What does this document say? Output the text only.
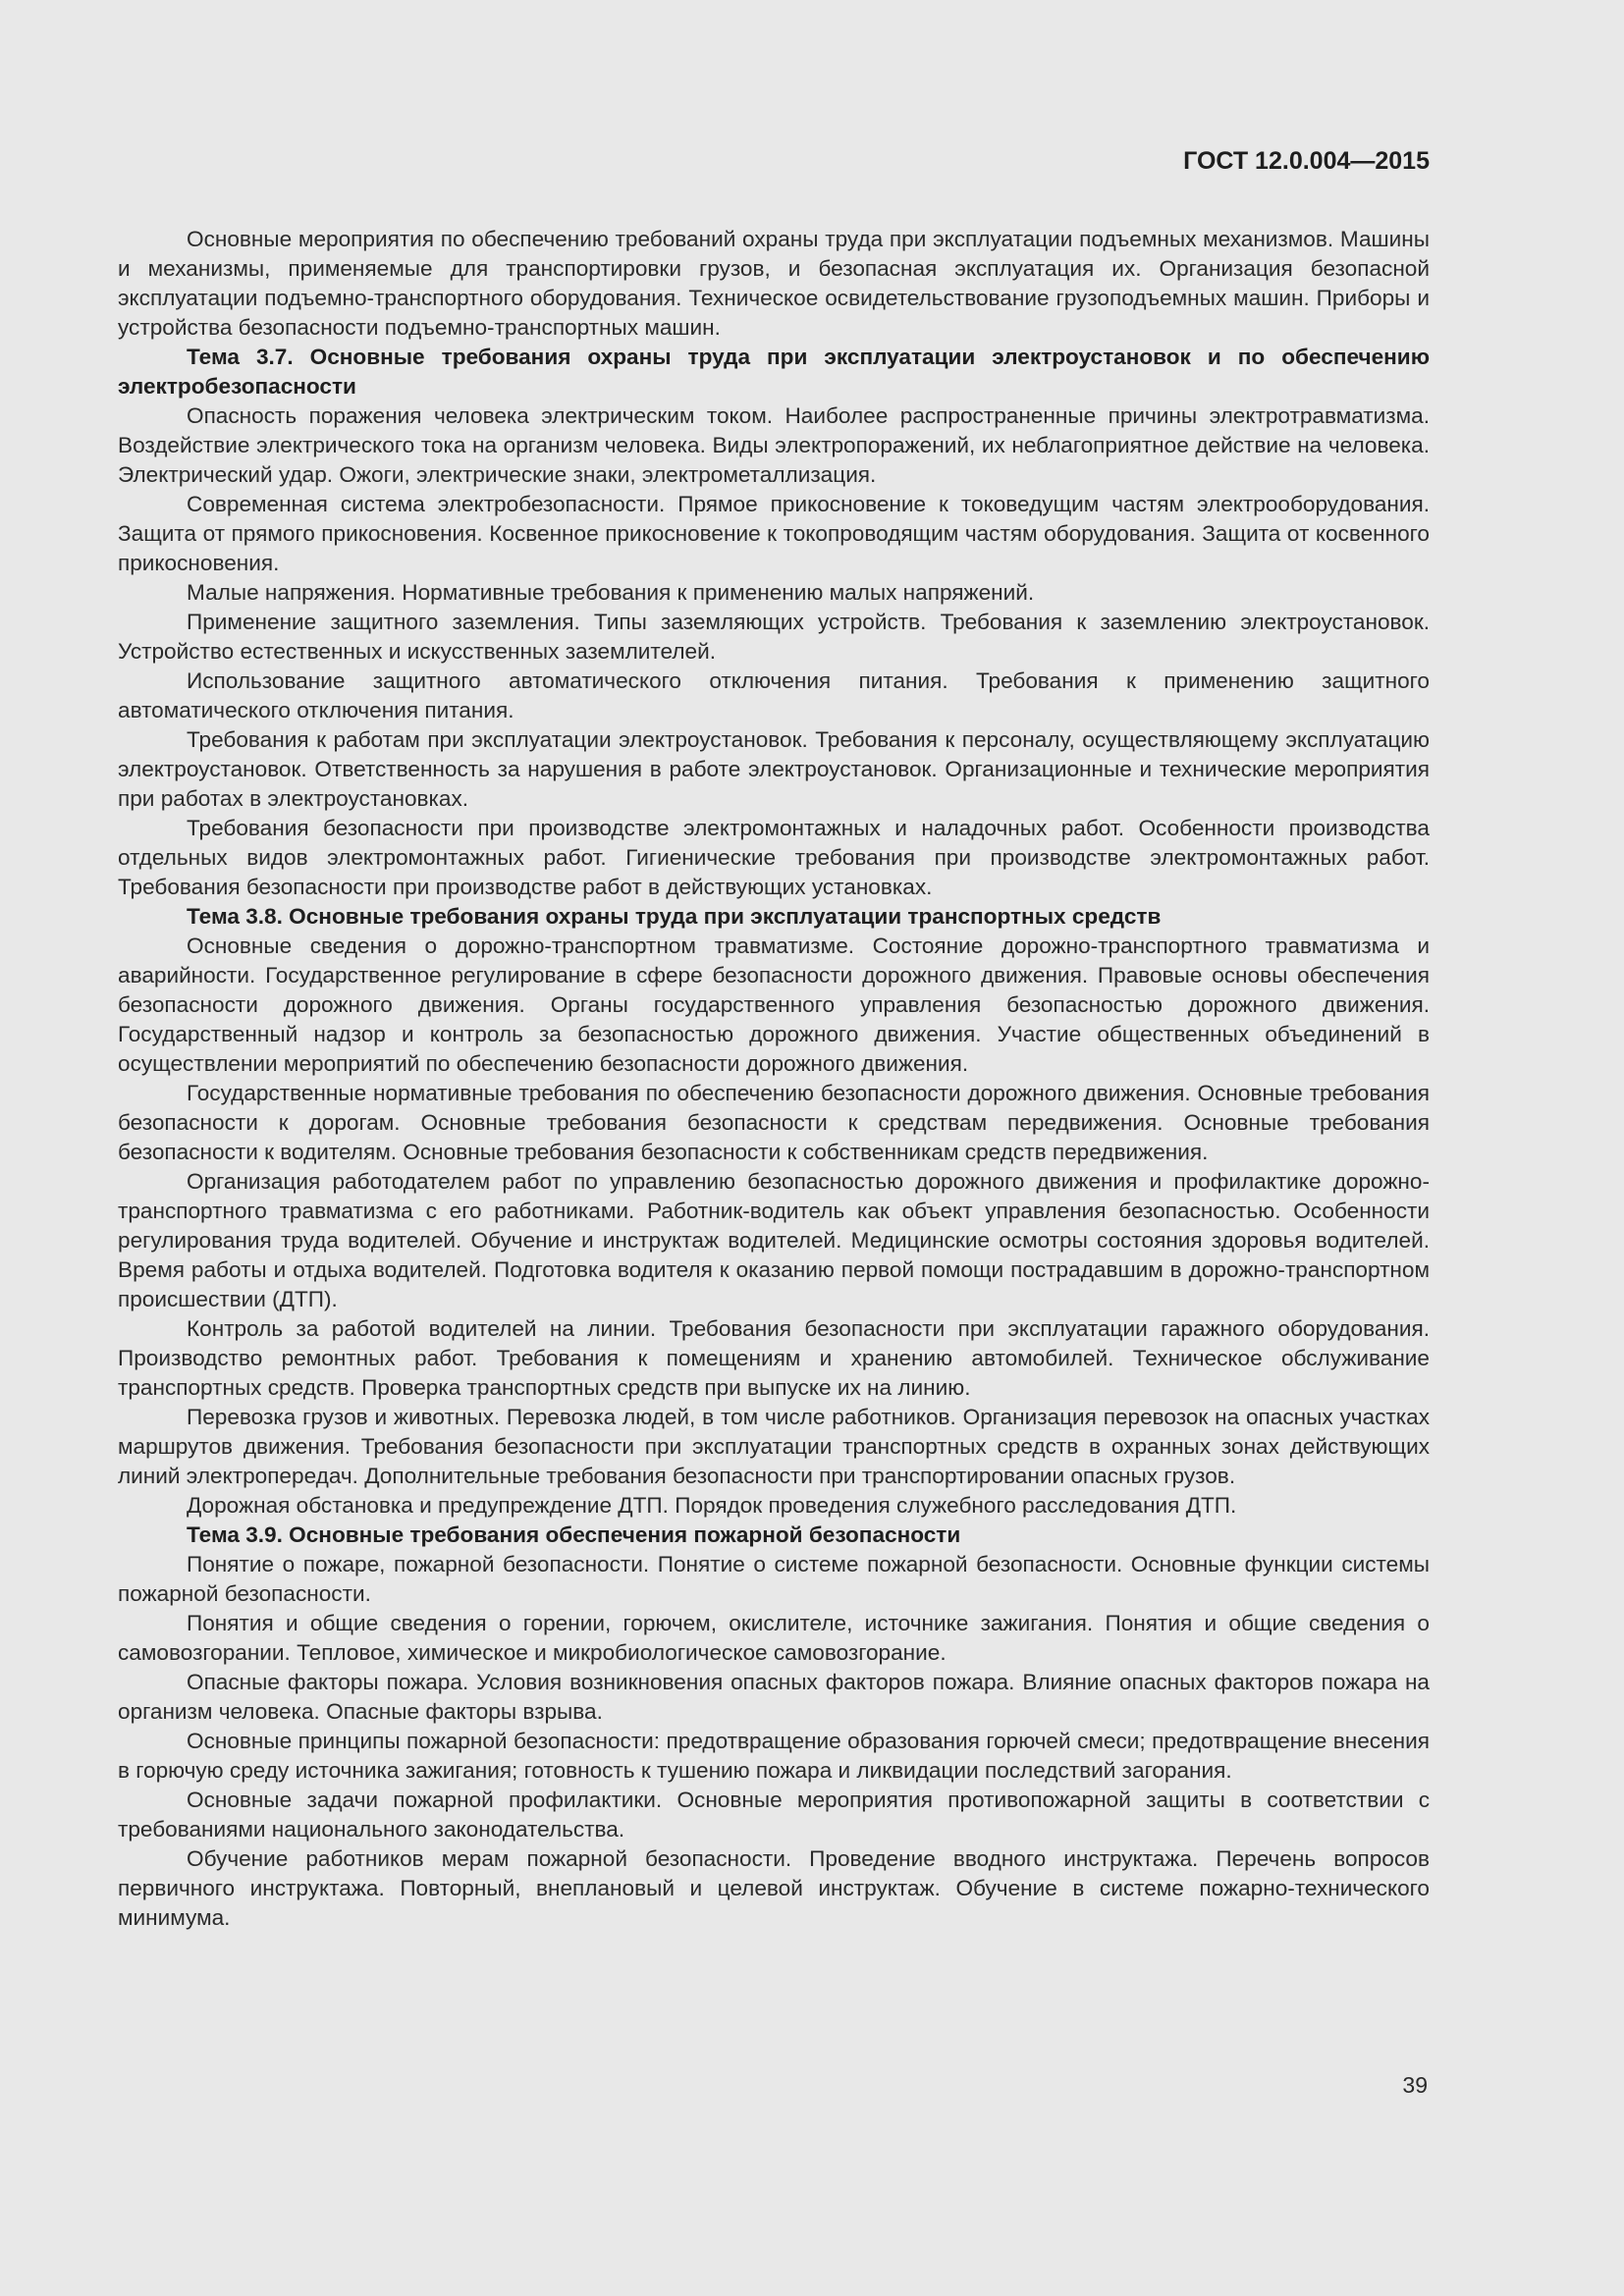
ГОСТ 12.0.004—2015

Основные мероприятия по обеспечению требований охраны труда при эксплуатации подъемных механизмов. Машины и механизмы, применяемые для транспортировки грузов, и безопасная эксплуатация их. Организация безопасной эксплуатации подъемно-транспортного оборудования. Техническое освидетельствование грузоподъемных машин. Приборы и устройства безопасности подъемно-транспортных машин.

Тема 3.7. Основные требования охраны труда при эксплуатации электроустановок и по обеспечению электробезопасности

Опасность поражения человека электрическим током. Наиболее распространенные причины электротравматизма. Воздействие электрического тока на организм человека. Виды электропоражений, их неблагоприятное действие на человека. Электрический удар. Ожоги, электрические знаки, электрометаллизация.

Современная система электробезопасности. Прямое прикосновение к токоведущим частям электрооборудования. Защита от прямого прикосновения. Косвенное прикосновение к токопроводящим частям оборудования. Защита от косвенного прикосновения.

Малые напряжения. Нормативные требования к применению малых напряжений.

Применение защитного заземления. Типы заземляющих устройств. Требования к заземлению электроустановок. Устройство естественных и искусственных заземлителей.

Использование защитного автоматического отключения питания. Требования к применению защитного автоматического отключения питания.

Требования к работам при эксплуатации электроустановок. Требования к персоналу, осуществляющему эксплуатацию электроустановок. Ответственность за нарушения в работе электроустановок. Организационные и технические мероприятия при работах в электроустановках.

Требования безопасности при производстве электромонтажных и наладочных работ. Особенности производства отдельных видов электромонтажных работ. Гигиенические требования при производстве электромонтажных работ. Требования безопасности при производстве работ в действующих установках.

Тема 3.8. Основные требования охраны труда при эксплуатации транспортных средств

Основные сведения о дорожно-транспортном травматизме. Состояние дорожно-транспортного травматизма и аварийности. Государственное регулирование в сфере безопасности дорожного движения. Правовые основы обеспечения безопасности дорожного движения. Органы государственного управления безопасностью дорожного движения. Государственный надзор и контроль за безопасностью дорожного движения. Участие общественных объединений в осуществлении мероприятий по обеспечению безопасности дорожного движения.

Государственные нормативные требования по обеспечению безопасности дорожного движения. Основные требования безопасности к дорогам. Основные требования безопасности к средствам передвижения. Основные требования безопасности к водителям. Основные требования безопасности к собственникам средств передвижения.

Организация работодателем работ по управлению безопасностью дорожного движения и профилактике дорожно-транспортного травматизма с его работниками. Работник-водитель как объект управления безопасностью. Особенности регулирования труда водителей. Обучение и инструктаж водителей. Медицинские осмотры состояния здоровья водителей. Время работы и отдыха водителей. Подготовка водителя к оказанию первой помощи пострадавшим в дорожно-транспортном происшествии (ДТП).

Контроль за работой водителей на линии. Требования безопасности при эксплуатации гаражного оборудования. Производство ремонтных работ. Требования к помещениям и хранению автомобилей. Техническое обслуживание транспортных средств. Проверка транспортных средств при выпуске их на линию.

Перевозка грузов и животных. Перевозка людей, в том числе работников. Организация перевозок на опасных участках маршрутов движения. Требования безопасности при эксплуатации транспортных средств в охранных зонах действующих линий электропередач. Дополнительные требования безопасности при транспортировании опасных грузов.

Дорожная обстановка и предупреждение ДТП. Порядок проведения служебного расследования ДТП.

Тема 3.9. Основные требования обеспечения пожарной безопасности

Понятие о пожаре, пожарной безопасности. Понятие о системе пожарной безопасности. Основные функции системы пожарной безопасности.

Понятия и общие сведения о горении, горючем, окислителе, источнике зажигания. Понятия и общие сведения о самовозгорании. Тепловое, химическое и микробиологическое самовозгорание.

Опасные факторы пожара. Условия возникновения опасных факторов пожара. Влияние опасных факторов пожара на организм человека. Опасные факторы взрыва.

Основные принципы пожарной безопасности: предотвращение образования горючей смеси; предотвращение внесения в горючую среду источника зажигания; готовность к тушению пожара и ликвидации последствий загорания.

Основные задачи пожарной профилактики. Основные мероприятия противопожарной защиты в соответствии с требованиями национального законодательства.

Обучение работников мерам пожарной безопасности. Проведение вводного инструктажа. Перечень вопросов первичного инструктажа. Повторный, внеплановый и целевой инструктаж. Обучение в системе пожарно-технического минимума.

39
